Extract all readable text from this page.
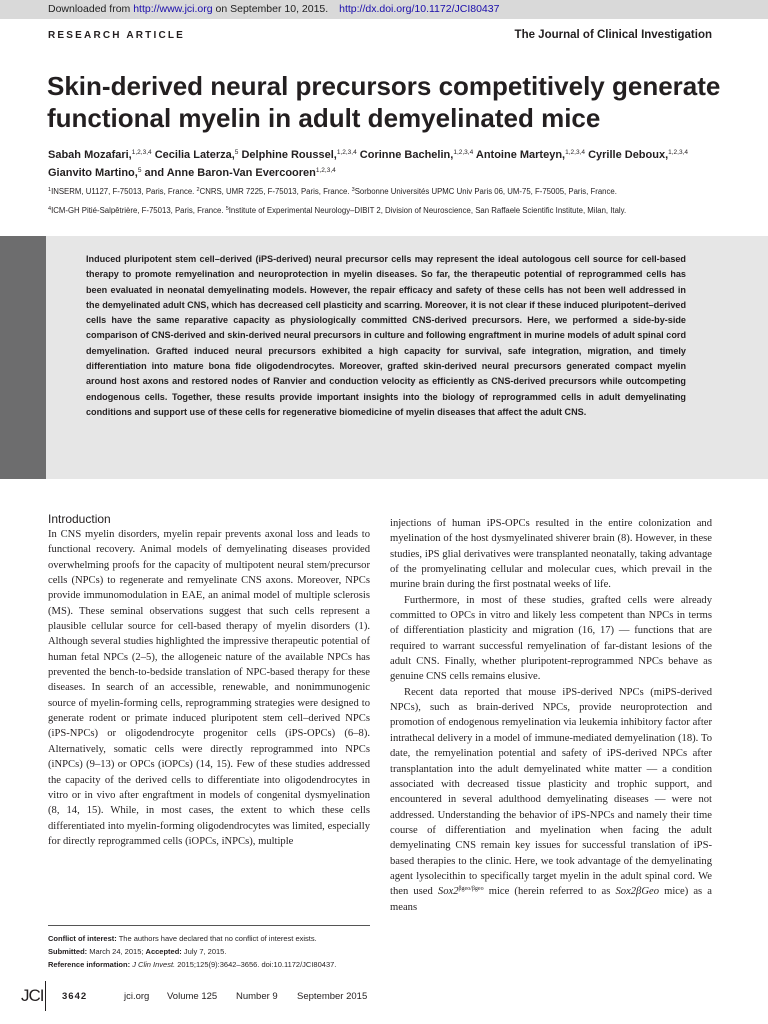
Downloaded from http://www.jci.org on September 10, 2015. http://dx.doi.org/10.1172/JCI80437
RESEARCH ARTICLE	The Journal of Clinical Investigation
Skin-derived neural precursors competitively generate functional myelin in adult demyelinated mice
Sabah Mozafari,$^{1,2,3,4}$ Cecilia Laterza,$^5$ Delphine Roussel,$^{1,2,3,4}$ Corinne Bachelin,$^{1,2,3,4}$ Antoine Marteyn,$^{1,2,3,4}$ Cyrille Deboux,$^{1,2,3,4}$
Gianvito Martino,$^5$ and Anne Baron-Van Evercooren$^{1,2,3,4}$
$^1$INSERM, U1127, F-75013, Paris, France. $^2$CNRS, UMR 7225, F-75013, Paris, France. $^3$Sorbonne Universités UPMC Univ Paris 06, UM-75, F-75005, Paris, France.
$^4$ICM-GH Pitié-Salpêtrière, F-75013, Paris, France. $^5$Institute of Experimental Neurology–DIBIT 2, Division of Neuroscience, San Raffaele Scientific Institute, Milan, Italy.
Induced pluripotent stem cell–derived (iPS-derived) neural precursor cells may represent the ideal autologous cell source for cell-based therapy to promote remyelination and neuroprotection in myelin diseases. So far, the therapeutic potential of reprogrammed cells has been evaluated in neonatal demyelinating models. However, the repair efficacy and safety of these cells has not been well addressed in the demyelinated adult CNS, which has decreased cell plasticity and scarring. Moreover, it is not clear if these induced pluripotent–derived cells have the same reparative capacity as physiologically committed CNS-derived precursors. Here, we performed a side-by-side comparison of CNS-derived and skin-derived neural precursors in culture and following engraftment in murine models of adult spinal cord demyelination. Grafted induced neural precursors exhibited a high capacity for survival, safe integration, migration, and timely differentiation into mature bona fide oligodendrocytes. Moreover, grafted skin-derived neural precursors generated compact myelin around host axons and restored nodes of Ranvier and conduction velocity as efficiently as CNS-derived precursors while outcompeting endogenous cells. Together, these results provide important insights into the biology of reprogrammed cells in adult demyelinating conditions and support use of these cells for regenerative biomedicine of myelin diseases that affect the adult CNS.
Introduction

In CNS myelin disorders, myelin repair prevents axonal loss and leads to functional recovery. Animal models of demyelinating diseases provided overwhelming proofs for the capacity of multipotent neural stem/precursor cells (NPCs) to regenerate and remyelinate CNS axons. Moreover, NPCs provide immunomodulation in EAE, an animal model of multiple sclerosis (MS). These seminal observations suggest that such cells represent a plausible cellular source for cell-based therapy of myelin disorders (1). Although several studies highlighted the impressive therapeutic potential of human fetal NPCs (2–5), the allogeneic nature of the available NPCs has prevented the bench-to-bedside translation of NPC-based therapy for these diseases. In search of an accessible, renewable, and nonimmunogenic source of myelin-forming cells, reprogramming strategies were designed to generate rodent or primate induced pluripotent stem cell–derived NPCs (iPS-NPCs) or oligodendrocyte progenitor cells (iPS-OPCs) (6–8). Alternatively, somatic cells were directly reprogrammed into NPCs (iNPCs) (9–13) or OPCs (iOPCs) (14, 15). Few of these studies addressed the capacity of the derived cells to differentiate into oligodendrocytes in vitro or in vivo after engraftment in models of congenital dysmyelination (8, 14, 15). While, in most cases, the extent to which these cells differentiated into myelin-forming oligodendrocytes was limited, especially for directly reprogrammed cells (iOPCs, iNPCs), multiple

injections of human iPS-OPCs resulted in the entire colonization and myelination of the host dysmyelinated shiverer brain (8). However, in these studies, iPS glial derivatives were transplanted neonatally, taking advantage of the promyelinating cellular and molecular cues, which prevail in the murine brain during the first postnatal weeks of life.

Furthermore, in most of these studies, grafted cells were already committed to OPCs in vitro and likely less competent than NPCs in terms of differentiation plasticity and migration (16, 17) — functions that are required to warrant successful remyelination of far-distant lesions of the adult CNS. Finally, whether pluripotent-reprogrammed NPCs behave as genuine CNS cells remains elusive.

Recent data reported that mouse iPS-derived NPCs (miPS-derived NPCs), such as brain-derived NPCs, provide neuroprotection and promotion of endogenous remyelination via leukemia inhibitory factor after intrathecal delivery in a model of immune-mediated demyelination (18). To date, the remyelination potential and safety of iPS-derived NPCs after transplantation into the adult demyelinated white matter — a condition associated with decreased tissue plasticity and trophic support, and encountered in several adulthood demyelinating diseases — were not addressed. Understanding the behavior of iPS-NPCs and namely their time course of differentiation and myelination when facing the adult demyelinating CNS remain key issues for successful translation of iPS-based therapies to the clinic. Here, we took advantage of the demyelinating agent lysolecithin to specifically target myelin in the adult spinal cord. We then used $Sox2^{\beta geo/\beta geo}$ mice (herein referred to as Sox2βGeo mice) as a means

Conflict of interest: The authors have declared that no conflict of interest exists.
Submitted: March 24, 2015; Accepted: July 7, 2015.
Reference information: J Clin Invest. 2015;125(9):3642–3656. doi:10.1172/JCI80437.
JCI 3642	jci.org Volume 125 Number 9 September 2015
